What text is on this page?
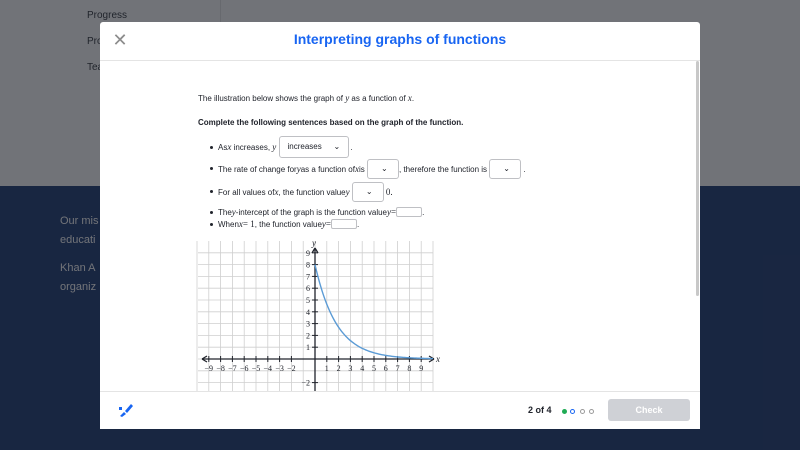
✕	Interpreting graphs of functions
The illustration below shows the graph of y as a function of x.
Complete the following sentences based on the graph of the function.
As x
increases,
y
increases ⌄ .
The rate of change for y as a function of x is
⌄ , therefore the function is
⌄ .
For all values of x , the function value y
⌄ 0.
The y -intercept of the graph is the function value y =	.
When x = 1 , the function value y =	.
x
y
−9 −8 −7 −6 −5 −4 −3 −2	1 2 3 4 5 6 7 8 9
1
2
3
4
5
6
7
8
9
−2
2 of 4	Check
